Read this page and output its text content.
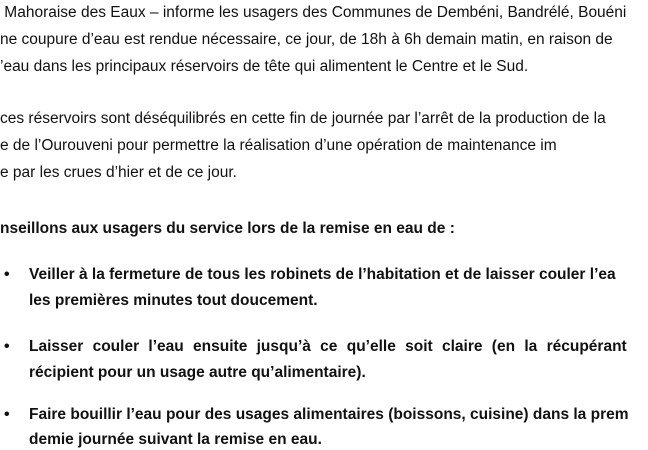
Mahoraise des Eaux – informe les usagers des Communes de Dembéni, Bandrélé, Bouéni
ne coupure d’eau est rendue nécessaire, ce jour, de 18h à 6h demain matin, en raison de
’eau dans les principaux réservoirs de tête qui alimentent le Centre et le Sud.
ces réservoirs sont déséquilibrés en cette fin de journée par l’arrêt de la production de la
e de l’Ourouveni pour permettre la réalisation d’une opération de maintenance im
e par les crues d’hier et de ce jour.
nseillons aux usagers du service lors de la remise en eau de :
• Veiller à la fermeture de tous les robinets de l’habitation et de laisser couler l’ea
les premières minutes tout doucement.
• Laisser couler l’eau ensuite jusqu’à ce qu’elle soit claire (en la récupérant
récipient pour un usage autre qu’alimentaire).
• Faire bouillir l’eau pour des usages alimentaires (boissons, cuisine) dans la prem
demie journée suivant la remise en eau.
